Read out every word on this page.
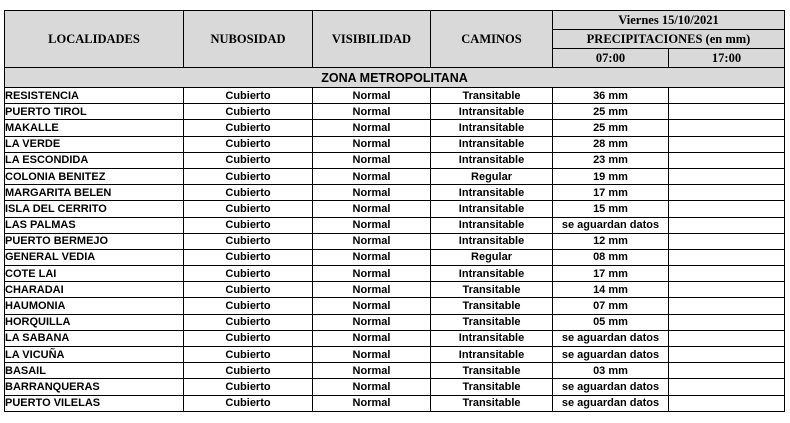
LOCALIDADES	NUBOSIDAD	VISIBILIDAD	CAMINOS	Viernes 15/10/2021	
				PRECIPITACIONES (en mm)	
				07:00	17:00
ZONA METROPOLITANA					
RESISTENCIA	Cubierto	Normal	Transitable	36 mm	
PUERTO TIROL	Cubierto	Normal	Intransitable	25 mm	
MAKALLE	Cubierto	Normal	Intransitable	25 mm	
LA VERDE	Cubierto	Normal	Intransitable	28 mm	
LA ESCONDIDA	Cubierto	Normal	Intransitable	23 mm	
COLONIA BENITEZ	Cubierto	Normal	Regular	19 mm	
MARGARITA BELEN	Cubierto	Normal	Intransitable	17 mm	
ISLA DEL CERRITO	Cubierto	Normal	Intransitable	15 mm	
LAS PALMAS	Cubierto	Normal	Intransitable	se aguardan datos	
PUERTO BERMEJO	Cubierto	Normal	Intransitable	12 mm	
GENERAL VEDIA	Cubierto	Normal	Regular	08 mm	
COTE LAI	Cubierto	Normal	Intransitable	17 mm	
CHARADAI	Cubierto	Normal	Transitable	14 mm	
HAUMONIA	Cubierto	Normal	Transitable	07 mm	
HORQUILLA	Cubierto	Normal	Transitable	05 mm	
LA SABANA	Cubierto	Normal	Intransitable	se aguardan datos	
LA VICUÑA	Cubierto	Normal	Intransitable	se aguardan datos	
BASAIL	Cubierto	Normal	Transitable	03 mm	
BARRANQUERAS	Cubierto	Normal	Transitable	se aguardan datos	
PUERTO VILELAS	Cubierto	Normal	Transitable	se aguardan datos	
